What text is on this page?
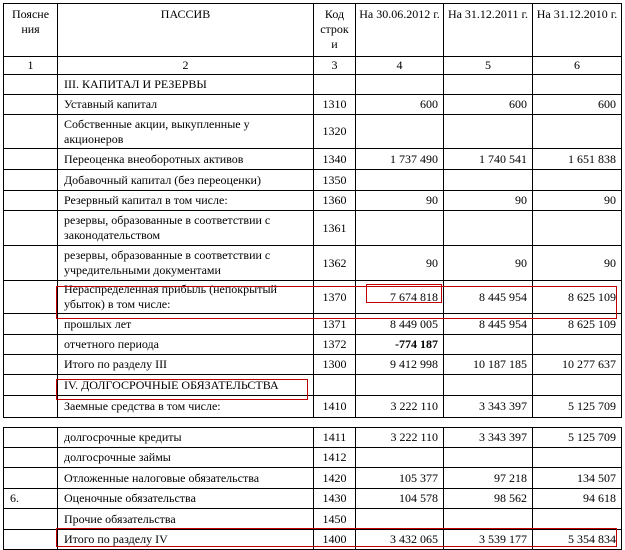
Поясне ния	ПАССИВ	Код строк и	На 30.06.2012 г.	На 31.12.2011 г.	На 31.12.2010 г.
1	2	3	4	5	6
	III. КАПИТАЛ И РЕЗЕРВЫ				
	Уставный капитал	1310	600	600	600
	Собственные акции, выкупленные у акционеров	1320			
	Переоценка внеоборотных активов	1340	1 737 490	1 740 541	1 651 838
	Добавочный капитал (без переоценки)	1350			
	Резервный капитал в том числе:	1360	90	90	90
	резервы, образованные в соответствии с законодательством	1361			
	резервы, образованные в соответствии с учредительными документами	1362	90	90	90
	Нераспределенная прибыль (непокрытый убыток) в том числе:	1370	7 674 818	8 445 954	8 625 109
	прошлых лет	1371	8 449 005	8 445 954	8 625 109
	отчетного периода	1372	-774 187		
	Итого по разделу III	1300	9 412 998	10 187 185	10 277 637
	IV. ДОЛГОСРОЧНЫЕ ОБЯЗАТЕЛЬСТВА				
	Заемные средства в том числе:	1410	3 222 110	3 343 397	5 125 709
	долгосрочные кредиты	1411	3 222 110	3 343 397	5 125 709
	долгосрочные займы	1412			
	Отложенные налоговые обязательства	1420	105 377	97 218	134 507
6.	Оценочные обязательства	1430	104 578	98 562	94 618
	Прочие обязательства	1450			
	Итого по разделу IV	1400	3 432 065	3 539 177	5 354 834
